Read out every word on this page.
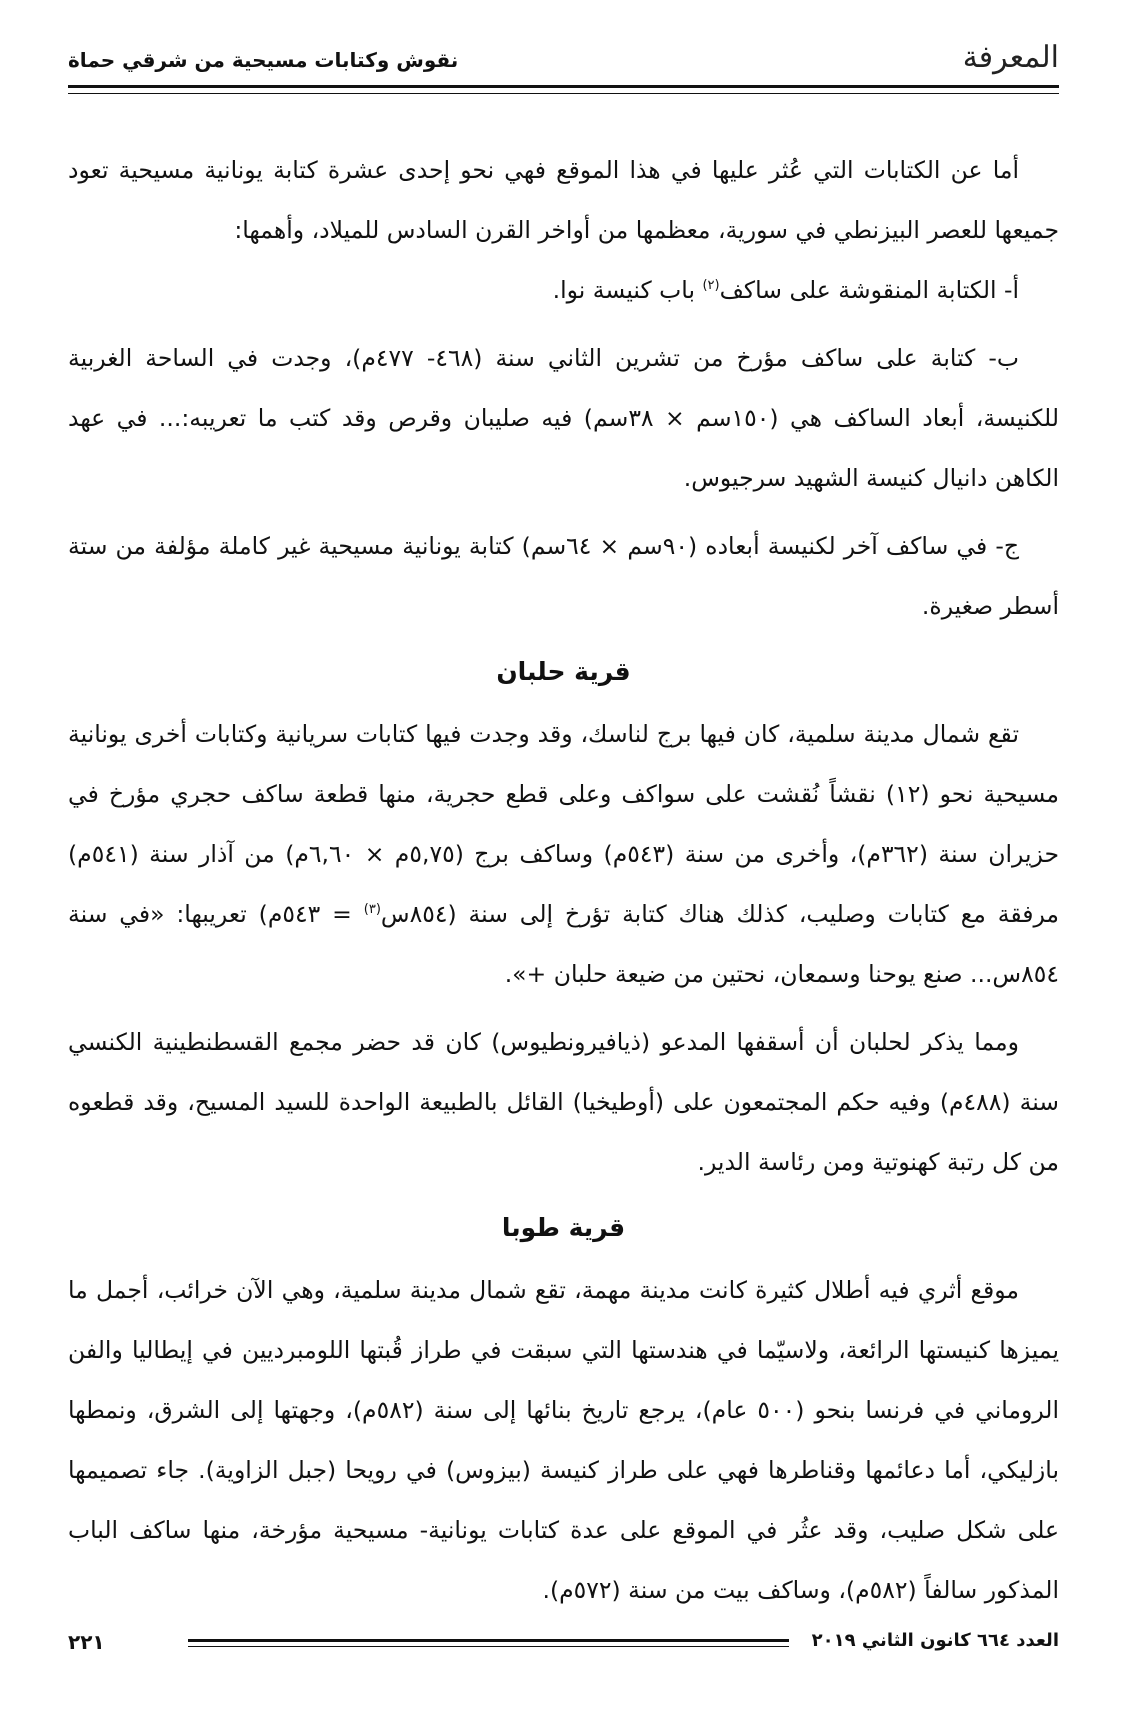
المعرفة
نقوش وكتابات مسيحية من شرقي حماة

أما عن الكتابات التي عُثر عليها في هذا الموقع فهي نحو إحدى عشرة كتابة يونانية مسيحية تعود جميعها للعصر البيزنطي في سورية، معظمها من أواخر القرن السادس للميلاد، وأهمها:

أ- الكتابة المنقوشة على ساكف$^{(٢)}$ باب كنيسة نوا.

ب- كتابة على ساكف مؤرخ من تشرين الثاني سنة (٤٦٨- ٤٧٧م)، وجدت في الساحة الغربية للكنيسة، أبعاد الساكف هي (١٥٠سم × ٣٨سم) فيه صليبان وقرص وقد كتب ما تعريبه:... في عهد الكاهن دانيال كنيسة الشهيد سرجيوس.

ج- في ساكف آخر لكنيسة أبعاده (٩٠سم × ٦٤سم) كتابة يونانية مسيحية غير كاملة مؤلفة من ستة أسطر صغيرة.

قرية حلبان

تقع شمال مدينة سلمية، كان فيها برج لناسك، وقد وجدت فيها كتابات سريانية وكتابات أخرى يونانية مسيحية نحو (١٢) نقشاً نُقشت على سواكف وعلى قطع حجرية، منها قطعة ساكف حجري مؤرخ في حزيران سنة (٣٦٢م)، وأخرى من سنة (٥٤٣م) وساكف برج (٥,٧٥م × ٦,٦٠م) من آذار سنة (٥٤١م) مرفقة مع كتابات وصليب، كذلك هناك كتابة تؤرخ إلى سنة (٨٥٤س$^{(٣)}$ = ٥٤٣م) تعريبها: «في سنة ٨٥٤س... صنع يوحنا وسمعان، نحتين من ضيعة حلبان +».

ومما يذكر لحلبان أن أسقفها المدعو (ذيافيرونطيوس) كان قد حضر مجمع القسطنطينية الكنسي سنة (٤٨٨م) وفيه حكم المجتمعون على (أوطيخيا) القائل بالطبيعة الواحدة للسيد المسيح، وقد قطعوه من كل رتبة كهنوتية ومن رئاسة الدير.

قرية طوبا

موقع أثري فيه أطلال كثيرة كانت مدينة مهمة، تقع شمال مدينة سلمية، وهي الآن خرائب، أجمل ما يميزها كنيستها الرائعة، ولاسيّما في هندستها التي سبقت في طراز قُبتها اللومبرديين في إيطاليا والفن الروماني في فرنسا بنحو (٥٠٠ عام)، يرجع تاريخ بنائها إلى سنة (٥٨٢م)، وجهتها إلى الشرق، ونمطها بازليكي، أما دعائمها وقناطرها فهي على طراز كنيسة (بيزوس) في رويحا (جبل الزاوية). جاء تصميمها على شكل صليب، وقد عثُر في الموقع على عدة كتابات يونانية- مسيحية مؤرخة، منها ساكف الباب المذكور سالفاً (٥٨٢م)، وساكف بيت من سنة (٥٧٢م).

العدد ٦٦٤ كانون الثاني ٢٠١٩
٢٢١
